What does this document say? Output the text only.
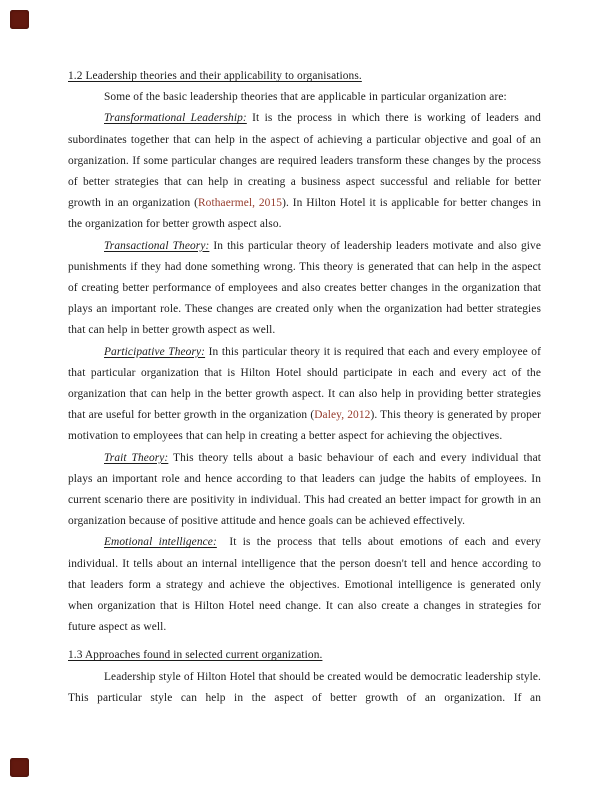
1.2 Leadership theories and their applicability to organisations.

Some of the basic leadership theories that are applicable in particular organization are:

Transformational Leadership: It is the process in which there is working of leaders and subordinates together that can help in the aspect of achieving a particular objective and goal of an organization. If some particular changes are required leaders transform these changes by the process of better strategies that can help in creating a business aspect successful and reliable for better growth in an organization (Rothaermel, 2015). In Hilton Hotel it is applicable for better changes in the organization for better growth aspect also.

Transactional Theory: In this particular theory of leadership leaders motivate and also give punishments if they had done something wrong. This theory is generated that can help in the aspect of creating better performance of employees and also creates better changes in the organization that plays an important role. These changes are created only when the organization had better strategies that can help in better growth aspect as well.

Participative Theory: In this particular theory it is required that each and every employee of that particular organization that is Hilton Hotel should participate in each and every act of the organization that can help in the better growth aspect. It can also help in providing better strategies that are useful for better growth in the organization (Daley, 2012). This theory is generated by proper motivation to employees that can help in creating a better aspect for achieving the objectives.

Trait Theory: This theory tells about a basic behaviour of each and every individual that plays an important role and hence according to that leaders can judge the habits of employees. In current scenario there are positivity in individual. This had created an better impact for growth in an organization because of positive attitude and hence goals can be achieved effectively.

Emotional intelligence:  It is the process that tells about emotions of each and every individual. It tells about an internal intelligence that the person doesn't tell and hence according to that leaders form a strategy and achieve the objectives. Emotional intelligence is generated only when organization that is Hilton Hotel need change. It can also create a changes in strategies for future aspect as well.

1.3 Approaches found in selected current organization.

Leadership style of Hilton Hotel that should be created would be democratic leadership style. This particular style can help in the aspect of better growth of an organization. If an
